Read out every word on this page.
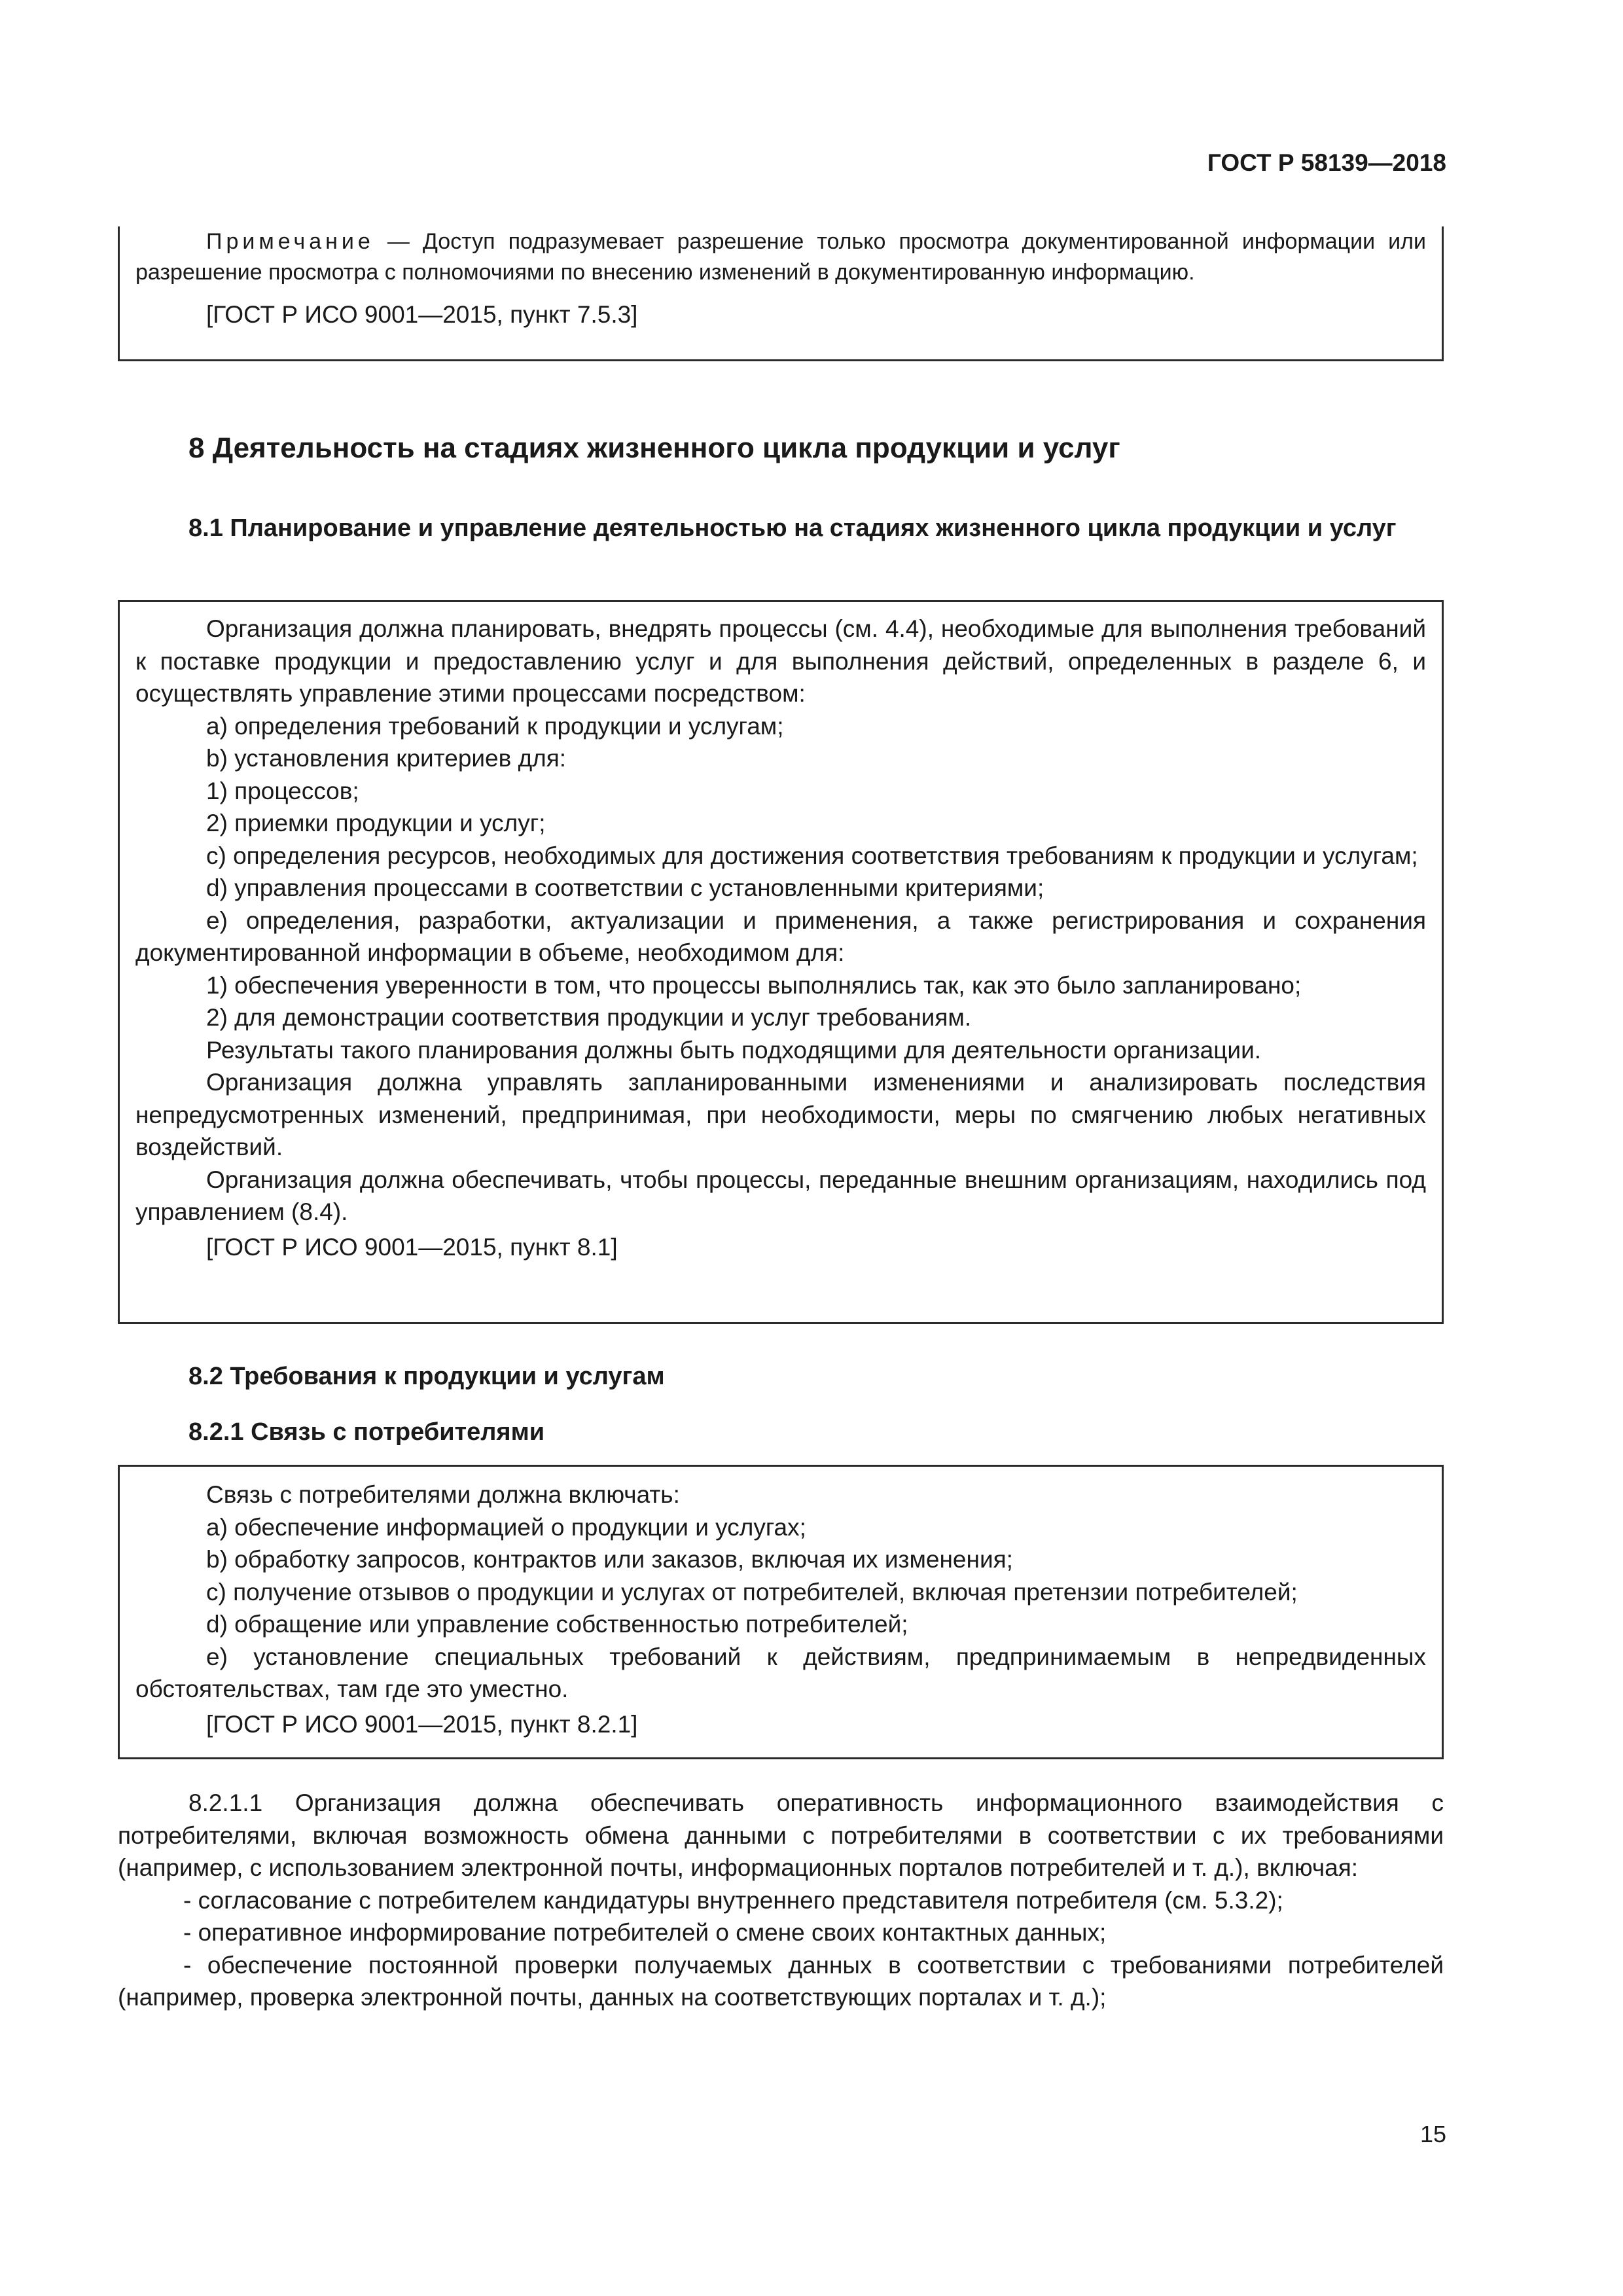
ГОСТ Р 58139—2018

Примечание — Доступ подразумевает разрешение только просмотра документированной информации или разрешение просмотра с полномочиями по внесению изменений в документированную информацию.

[ГОСТ Р ИСО 9001—2015, пункт 7.5.3]

8 Деятельность на стадиях жизненного цикла продукции и услуг
8.1 Планирование и управление деятельностью на стадиях жизненного цикла продукции и услуг

Организация должна планировать, внедрять процессы (см. 4.4), необходимые для выполнения требований к поставке продукции и предоставлению услуг и для выполнения действий, определенных в разделе 6, и осуществлять управление этими процессами посредством:

а) определения требований к продукции и услугам;

b) установления критериев для:

1) процессов;

2) приемки продукции и услуг;

c) определения ресурсов, необходимых для достижения соответствия требованиям к продукции и услугам;

d) управления процессами в соответствии с установленными критериями;

е) определения, разработки, актуализации и применения, а также регистрирования и сохранения документированной информации в объеме, необходимом для:

1) обеспечения уверенности в том, что процессы выполнялись так, как это было запланировано;

2) для демонстрации соответствия продукции и услуг требованиям.

Результаты такого планирования должны быть подходящими для деятельности организации.

Организация должна управлять запланированными изменениями и анализировать последствия непредусмотренных изменений, предпринимая, при необходимости, меры по смягчению любых негативных воздействий.

Организация должна обеспечивать, чтобы процессы, переданные внешним организациям, находились под управлением (8.4).

[ГОСТ Р ИСО 9001—2015, пункт 8.1]

8.2 Требования к продукции и услугам
8.2.1 Связь с потребителями

Связь с потребителями должна включать:

а) обеспечение информацией о продукции и услугах;

b) обработку запросов, контрактов или заказов, включая их изменения;

c) получение отзывов о продукции и услугах от потребителей, включая претензии потребителей;

d) обращение или управление собственностью потребителей;

е) установление специальных требований к действиям, предпринимаемым в непредвиденных обстоятельствах, там где это уместно.

[ГОСТ Р ИСО 9001—2015, пункт 8.2.1]

8.2.1.1 Организация должна обеспечивать оперативность информационного взаимодействия с потребителями, включая возможность обмена данными с потребителями в соответствии с их требованиями (например, с использованием электронной почты, информационных порталов потребителей и т. д.), включая:

- согласование с потребителем кандидатуры внутреннего представителя потребителя (см. 5.3.2);

- оперативное информирование потребителей о смене своих контактных данных;

- обеспечение постоянной проверки получаемых данных в соответствии с требованиями потребителей (например, проверка электронной почты, данных на соответствующих порталах и т. д.);

15
